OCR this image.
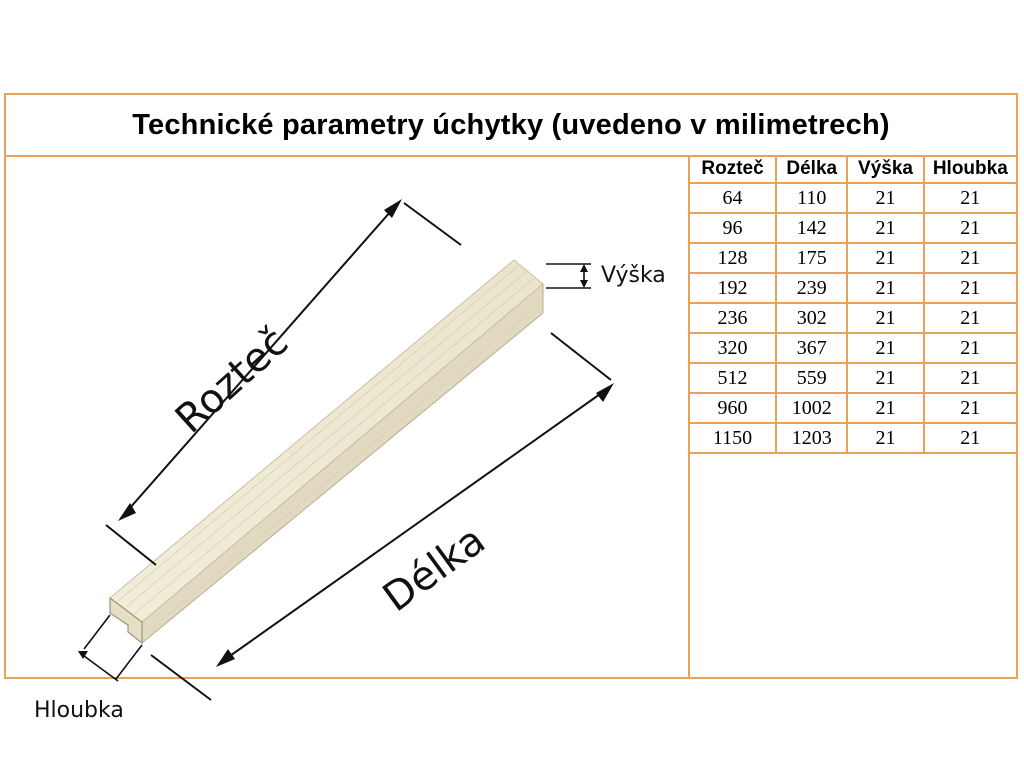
Technické parametry úchytky (uvedeno v milimetrech)
Rozteč
Délka
Výška
Hloubka
Rozteč	Délka	Výška	Hloubka
64	110	21	21
96	142	21	21
128	175	21	21
192	239	21	21
236	302	21	21
320	367	21	21
512	559	21	21
960	1002	21	21
1150	1203	21	21
